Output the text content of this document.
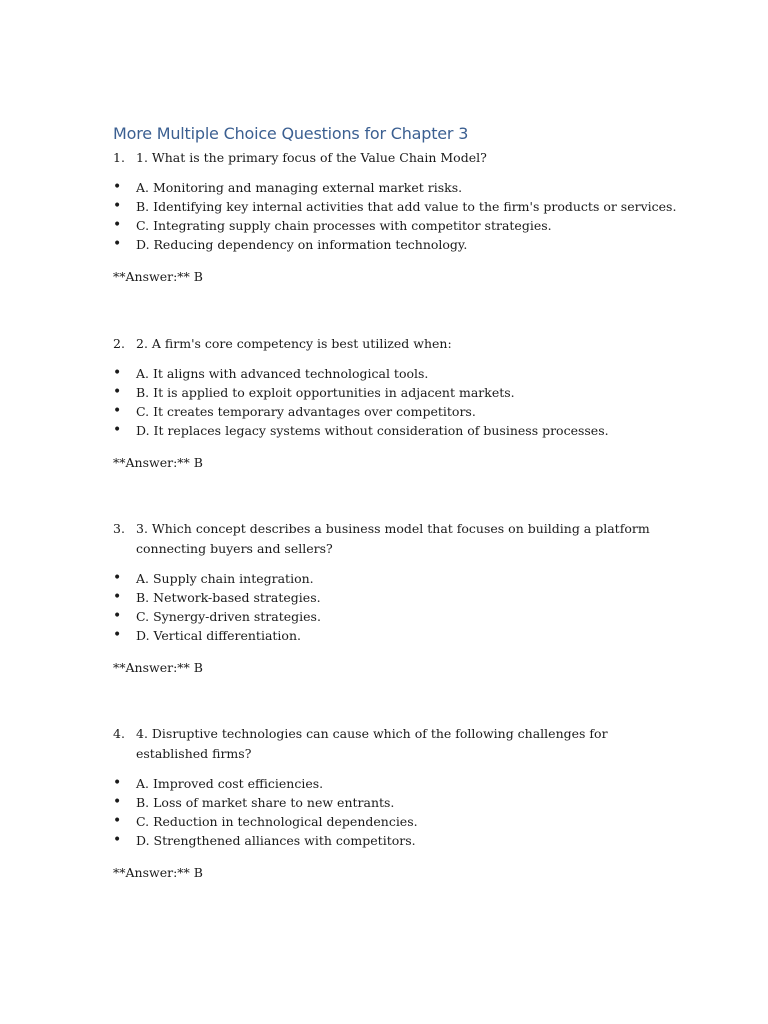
More Multiple Choice Questions for Chapter 3
1. 1. What is the primary focus of the Value Chain Model?
•	A. Monitoring and managing external market risks.
•	B. Identifying key internal activities that add value to the firm's products or services.
•	C. Integrating supply chain processes with competitor strategies.
•	D. Reducing dependency on information technology.
**Answer:** B
2. 2. A firm's core competency is best utilized when:
•	A. It aligns with advanced technological tools.
•	B. It is applied to exploit opportunities in adjacent markets.
•	C. It creates temporary advantages over competitors.
•	D. It replaces legacy systems without consideration of business processes.
**Answer:** B
3. 3. Which concept describes a business model that focuses on building a platform connecting buyers and sellers?
•	A. Supply chain integration.
•	B. Network-based strategies.
•	C. Synergy-driven strategies.
•	D. Vertical differentiation.
**Answer:** B
4. 4. Disruptive technologies can cause which of the following challenges for established firms?
•	A. Improved cost efficiencies.
•	B. Loss of market share to new entrants.
•	C. Reduction in technological dependencies.
•	D. Strengthened alliances with competitors.
**Answer:** B
